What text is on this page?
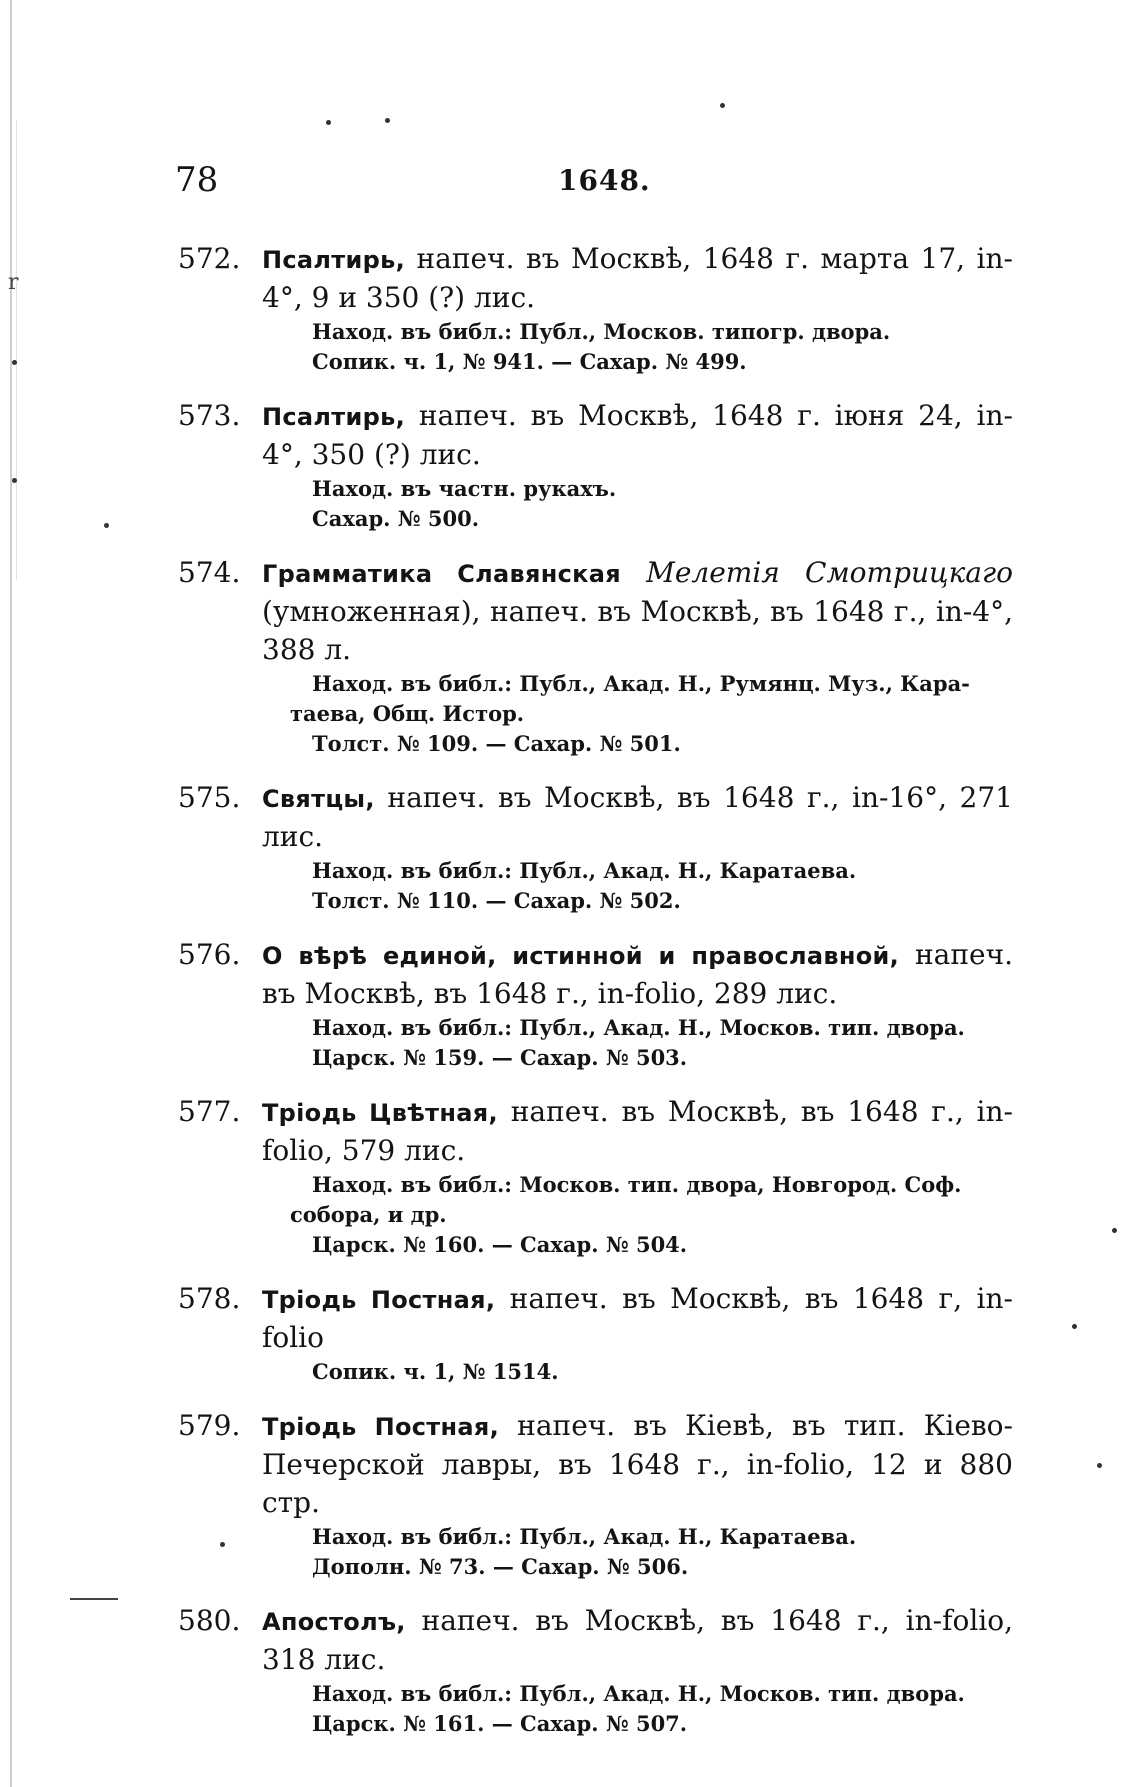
r
78	1648.
572. Псалтирь, напеч. въ Москвѣ, 1648 г. марта 17, in-4°, 9 и 350 (?) лис.
Наход. въ библ.: Публ., Москов. типогр. двора.
Сопик. ч. 1, № 941. — Сахар. № 499.
573. Псалтирь, напеч. въ Москвѣ, 1648 г. іюня 24, in-4°, 350 (?) лис.
Наход. въ частн. рукахъ.
Сахар. № 500.
574. Грамматика Славянская Мелетія Смотрицкаго (умноженная), напеч. въ Москвѣ, въ 1648 г., in-4°, 388 л.
Наход. въ библ.: Публ., Акад. Н., Румянц. Муз., Кара-
таева, Общ. Истор.
Толст. № 109. — Сахар. № 501.
575. Святцы, напеч. въ Москвѣ, въ 1648 г., in-16°, 271 лис.
Наход. въ библ.: Публ., Акад. Н., Каратаева.
Толст. № 110. — Сахар. № 502.
576. О вѣрѣ единой, истинной и православной, напеч. въ Москвѣ, въ 1648 г., in-folio, 289 лис.
Наход. въ библ.: Публ., Акад. Н., Москов. тип. двора.
Царск. № 159. — Сахар. № 503.
577. Тріодь Цвѣтная, напеч. въ Москвѣ, въ 1648 г., in-folio, 579 лис.
Наход. въ библ.: Москов. тип. двора, Новгород. Соф.
собора, и др.
Царск. № 160. — Сахар. № 504.
578. Тріодь Постная, напеч. въ Москвѣ, въ 1648 г, in-folio
Сопик. ч. 1, № 1514.
579. Тріодь Постная, напеч. въ Кіевѣ, въ тип. Кіево-Печерской лавры, въ 1648 г., in-folio, 12 и 880 стр.
Наход. въ библ.: Публ., Акад. Н., Каратаева.
Дополн. № 73. — Сахар. № 506.
580. Апостолъ, напеч. въ Москвѣ, въ 1648 г., in-folio, 318 лис.
Наход. въ библ.: Публ., Акад. Н., Москов. тип. двора.
Царск. № 161. — Сахар. № 507.
